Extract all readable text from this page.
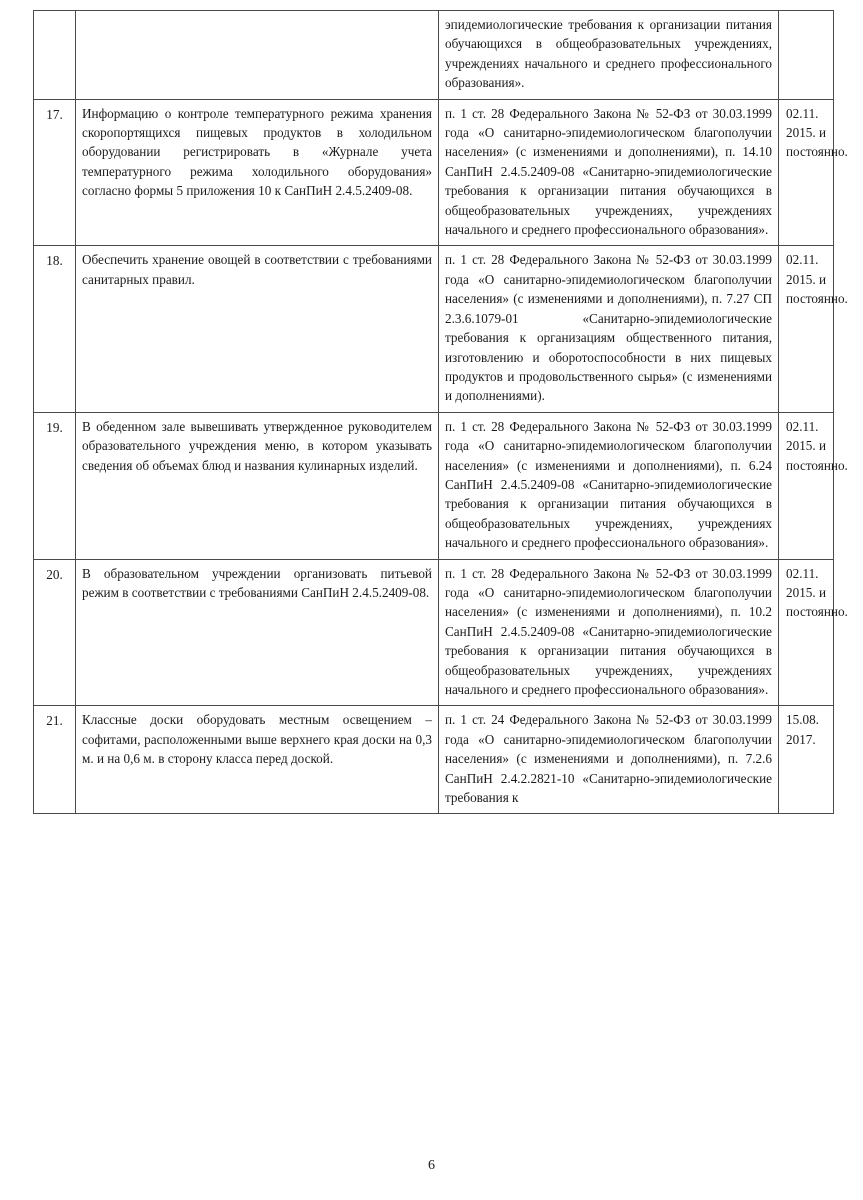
		эпидемиологические требования к организации питания обучающихся в общеобразовательных учреждениях, учреждениях начального и среднего профессионального образования».	
17.	Информацию о контроле температурного режима хранения скоропортящихся пищевых продуктов в холодильном оборудовании регистрировать в «Журнале учета температурного режима холодильного оборудования» согласно формы 5 приложения 10 к СанПиН 2.4.5.2409-08.	п. 1 ст. 28 Федерального Закона № 52-ФЗ от 30.03.1999 года «О санитарно-эпидемиологическом благополучии населения» (с изменениями и дополнениями), п. 14.10 СанПиН 2.4.5.2409-08 «Санитарно-эпидемиологические требования к организации питания обучающихся в общеобразовательных учреждениях, учреждениях начального и среднего профессионального образования».	02.11. 2015. и постоянно.
18.	Обеспечить хранение овощей в соответствии с требованиями санитарных правил.	п. 1 ст. 28 Федерального Закона № 52-ФЗ от 30.03.1999 года «О санитарно-эпидемиологическом благополучии населения» (с изменениями и дополнениями), п. 7.27 СП 2.3.6.1079-01 «Санитарно-эпидемиологические требования к организациям общественного питания, изготовлению и оборотоспособности в них пищевых продуктов и продовольственного сырья» (с изменениями и дополнениями).	02.11. 2015. и постоянно.
19.	В обеденном зале вывешивать утвержденное руководителем образовательного учреждения меню, в котором указывать сведения об объемах блюд и названия кулинарных изделий.	п. 1 ст. 28 Федерального Закона № 52-ФЗ от 30.03.1999 года «О санитарно-эпидемиологическом благополучии населения» (с изменениями и дополнениями), п. 6.24 СанПиН 2.4.5.2409-08 «Санитарно-эпидемиологические требования к организации питания обучающихся в общеобразовательных учреждениях, учреждениях начального и среднего профессионального образования».	02.11. 2015. и постоянно.
20.	В образовательном учреждении организовать питьевой режим в соответствии с требованиями СанПиН 2.4.5.2409-08.	п. 1 ст. 28 Федерального Закона № 52-ФЗ от 30.03.1999 года «О санитарно-эпидемиологическом благополучии населения» (с изменениями и дополнениями), п. 10.2 СанПиН 2.4.5.2409-08 «Санитарно-эпидемиологические требования к организации питания обучающихся в общеобразовательных учреждениях, учреждениях начального и среднего профессионального образования».	02.11. 2015. и постоянно.
21.	Классные доски оборудовать местным освещением – софитами, расположенными выше верхнего края доски на 0,3 м. и на 0,6 м. в сторону класса перед доской.	п. 1 ст. 24 Федерального Закона № 52-ФЗ от 30.03.1999 года «О санитарно-эпидемиологическом благополучии населения» (с изменениями и дополнениями), п. 7.2.6 СанПиН 2.4.2.2821-10 «Санитарно-эпидемиологические требования к	15.08. 2017.
6
